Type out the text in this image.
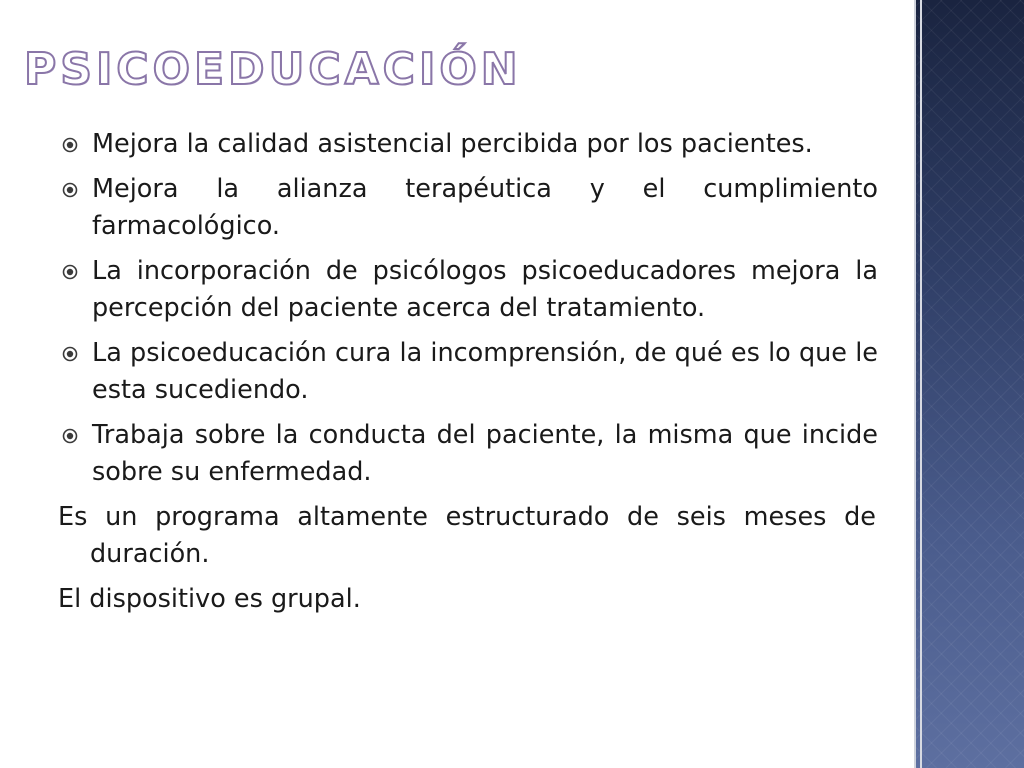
PSICOEDUCACIÓN
Mejora la calidad asistencial percibida por los pacientes.
Mejora la alianza terapéutica y el cumplimiento farmacológico.
La incorporación de psicólogos psicoeducadores mejora la percepción del paciente acerca del tratamiento.
La psicoeducación cura la incomprensión, de qué es lo que le esta sucediendo.
Trabaja sobre la conducta del paciente, la misma que incide sobre su enfermedad.
Es un programa altamente estructurado de seis meses de duración.
El dispositivo es grupal.
